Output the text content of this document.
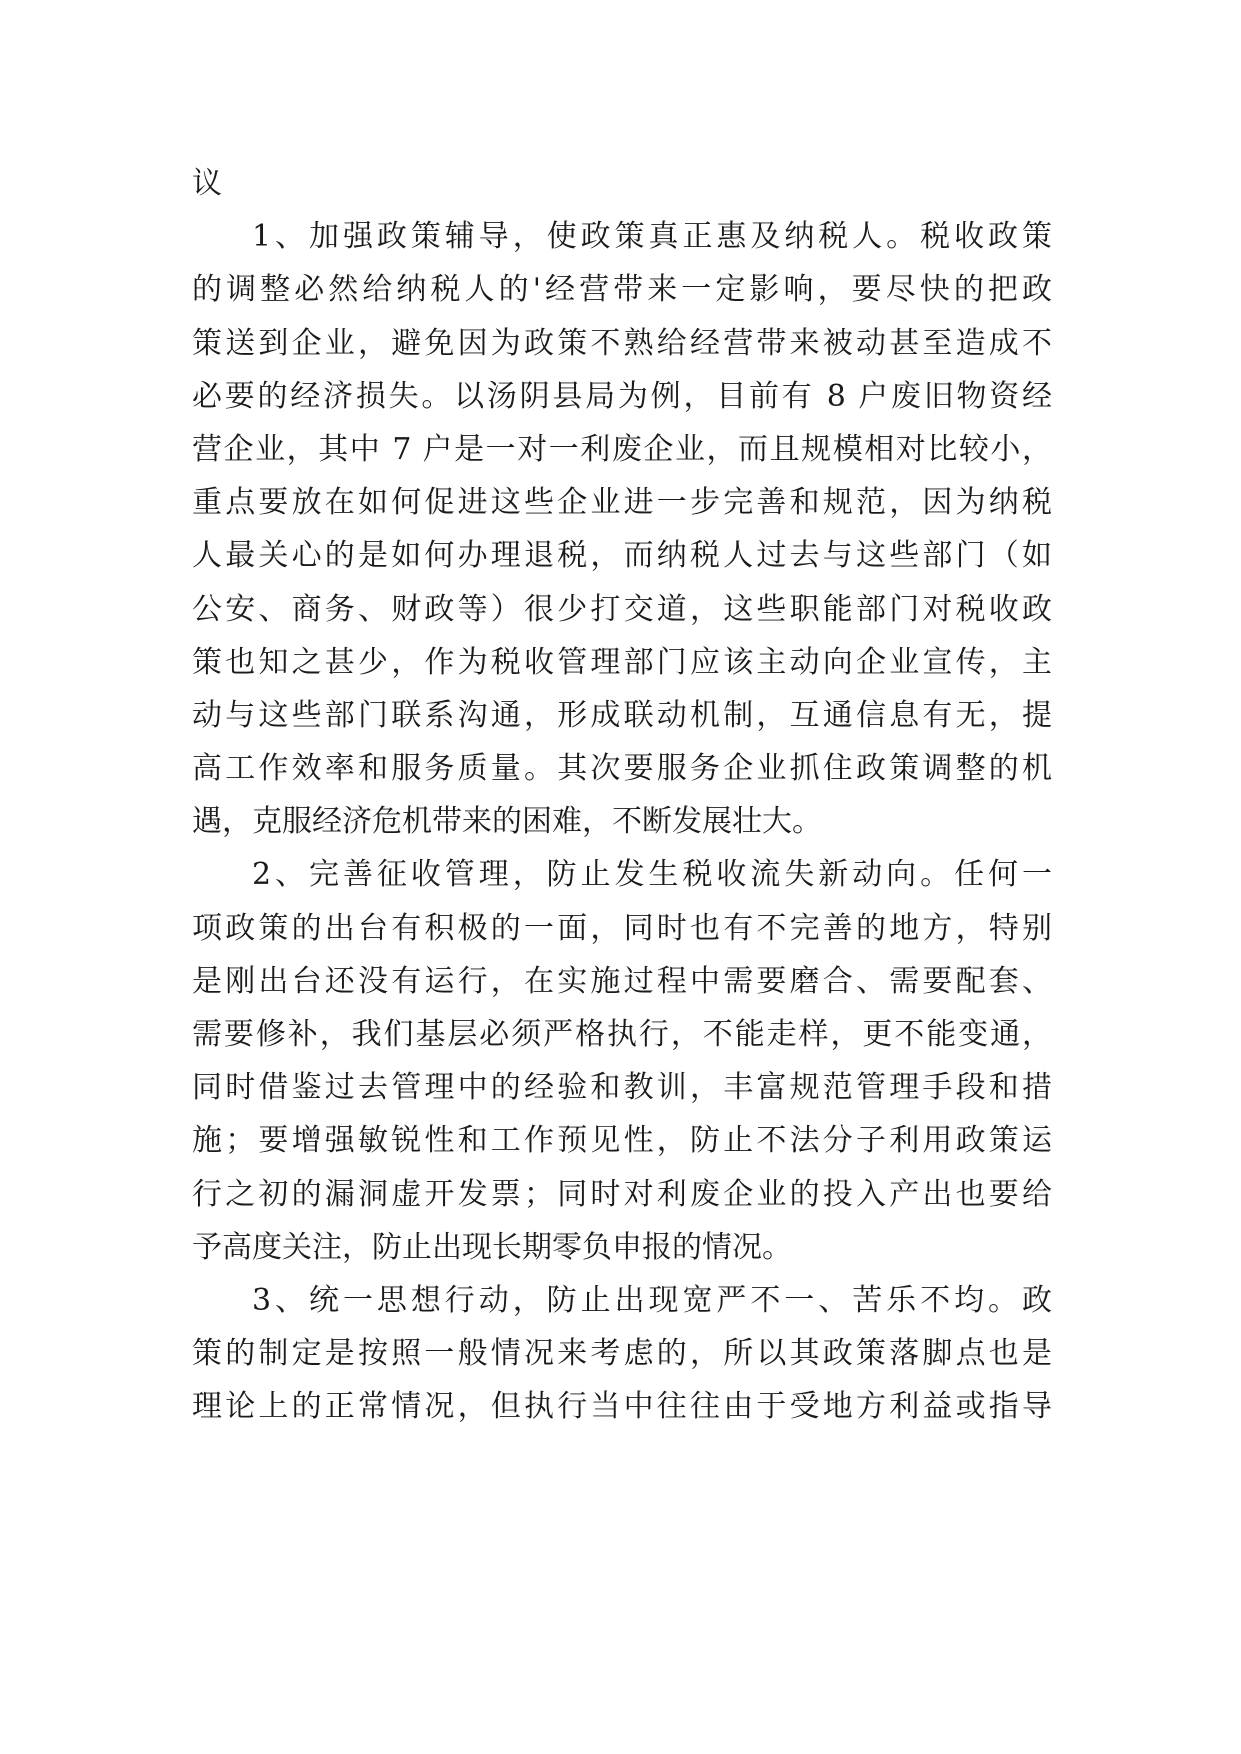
议
1、加强政策辅导，使政策真正惠及纳税人。税收政策
的调整必然给纳税人的'经营带来一定影响，要尽快的把政
策送到企业，避免因为政策不熟给经营带来被动甚至造成不
必要的经济损失。以汤阴县局为例，目前有 8 户废旧物资经
营企业，其中 7 户是一对一利废企业，而且规模相对比较小，
重点要放在如何促进这些企业进一步完善和规范，因为纳税
人最关心的是如何办理退税，而纳税人过去与这些部门（如
公安、商务、财政等）很少打交道，这些职能部门对税收政
策也知之甚少，作为税收管理部门应该主动向企业宣传，主
动与这些部门联系沟通，形成联动机制，互通信息有无，提
高工作效率和服务质量。其次要服务企业抓住政策调整的机
遇，克服经济危机带来的困难，不断发展壮大。
2、完善征收管理，防止发生税收流失新动向。任何一
项政策的出台有积极的一面，同时也有不完善的地方，特别
是刚出台还没有运行，在实施过程中需要磨合、需要配套、
需要修补，我们基层必须严格执行，不能走样，更不能变通，
同时借鉴过去管理中的经验和教训，丰富规范管理手段和措
施；要增强敏锐性和工作预见性，防止不法分子利用政策运
行之初的漏洞虚开发票；同时对利废企业的投入产出也要给
予高度关注，防止出现长期零负申报的情况。
3、统一思想行动，防止出现宽严不一、苦乐不均。政
策的制定是按照一般情况来考虑的，所以其政策落脚点也是
理论上的正常情况，但执行当中往往由于受地方利益或指导
